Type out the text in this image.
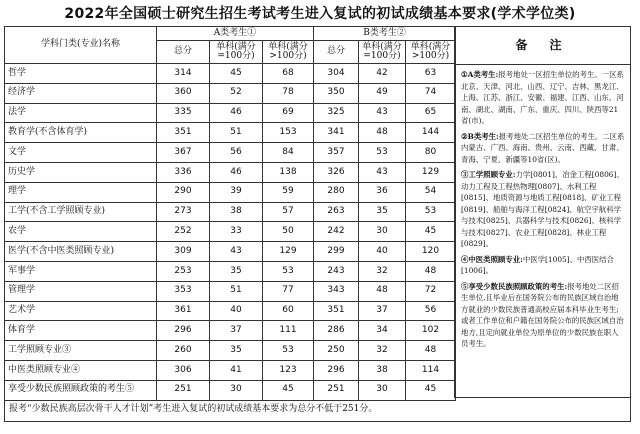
2022年全国硕士研究生招生考试考生进入复试的初试成绩基本要求(学术学位类)
学科门类(专业)名称	A类考生①			B类考生②		
	总分	单科(满分=100分)	单科(满分>100分)	总分	单科(满分=100分)	单科(满分>100分)
哲学	314	45	68	304	42	63
经济学	360	52	78	350	49	74
法学	335	46	69	325	43	65
教育学(不含体育学)	351	51	153	341	48	144
文学	367	56	84	357	53	80
历史学	336	46	138	326	43	129
理学	290	39	59	280	36	54
工学(不含工学照顾专业)	273	38	57	263	35	53
农学	252	33	50	242	30	45
医学(不含中医类照顾专业)	309	43	129	299	40	120
军事学	253	35	53	243	32	48
管理学	353	51	77	343	48	72
艺术学	361	40	60	351	37	56
体育学	296	37	111	286	34	102
工学照顾专业③	260	35	53	250	32	48
中医类照顾专业④	306	41	123	296	38	114
享受少数民族照顾政策的考生⑤	251	30	45	251	30	45
备注

①A类考生:报考地处一区招生单位的考生。一区系北京、天津、河北、山西、辽宁、吉林、黑龙江、上海、江苏、浙江、安徽、福建、江西、山东、河南、湖北、湖南、广东、重庆、四川、陕西等21省(市)。

②B类考生:报考地处二区招生单位的考生。二区系内蒙古、广西、海南、贵州、云南、西藏、甘肃、青海、宁夏、新疆等10省(区)。

③工学照顾专业:力学[0801]、冶金工程[0806]、动力工程及工程热物理[0807]、水利工程[0815]、地质资源与地质工程[0818]、矿业工程[0819]、船舶与海洋工程[0824]、航空宇航科学与技术[0825]、兵器科学与技术[0826]、核科学与技术[0827]、农业工程[0828]、林业工程[0829]。

④中医类照顾专业:中医学[1005]、中西医结合[1006]。

⑤享受少数民族照顾政策的考生:报考地处二区招生单位,且毕业后在国务院公布的民族区域自治地方就业的少数民族普通高校应届本科毕业生考生;或者工作单位和户籍在国务院公布的民族区域自治地方,且定向就业单位为原单位的少数民族在职人员考生。

报考“少数民族高层次骨干人才计划”考生进入复试的初试成绩基本要求为总分不低于251分。
